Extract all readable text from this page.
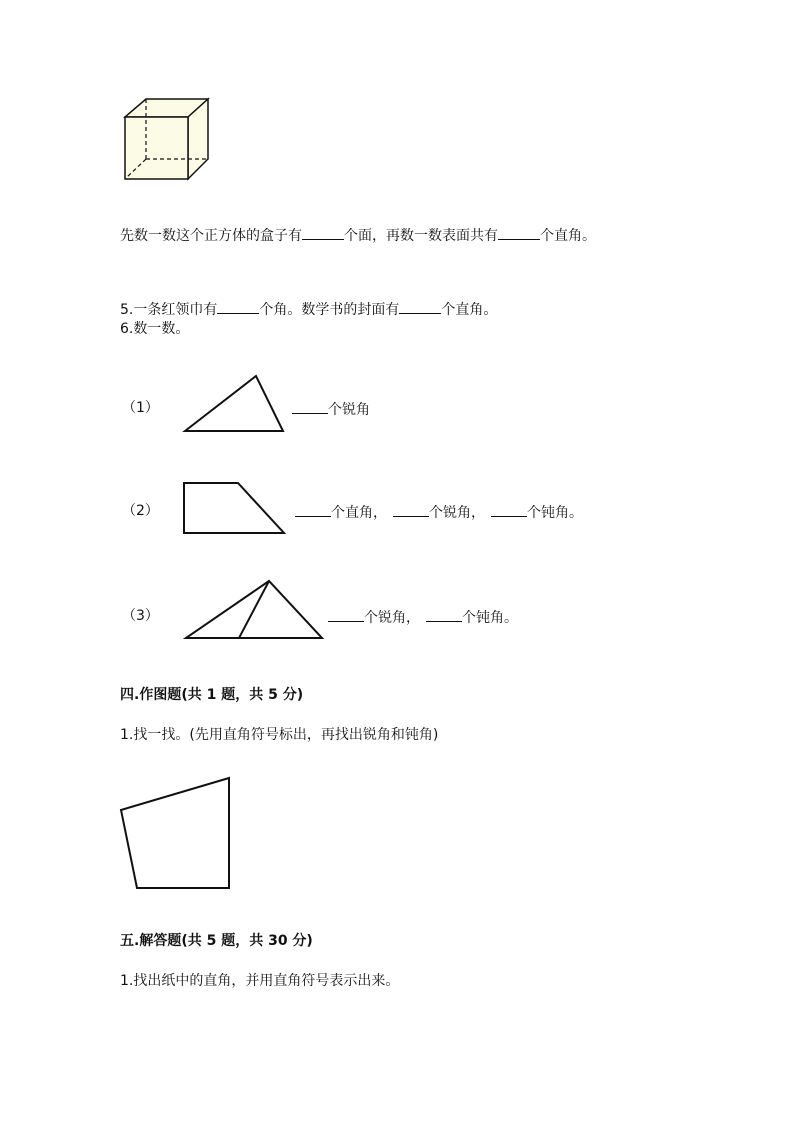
先数一数这个正方体的盒子有	个面，再数一数表面共有	个直角。
5.一条红领巾有	个角。数学书的封面有	个直角。
6.数一数。
（1）	个锐角
（2）	个直角，	个锐角，	个钝角。
（3）	个锐角，	个钝角。
四.作图题(共 1 题，共 5 分)
1.找一找。(先用直角符号标出，再找出锐角和钝角)
五.解答题(共 5 题，共 30 分)
1.找出纸中的直角，并用直角符号表示出来。
